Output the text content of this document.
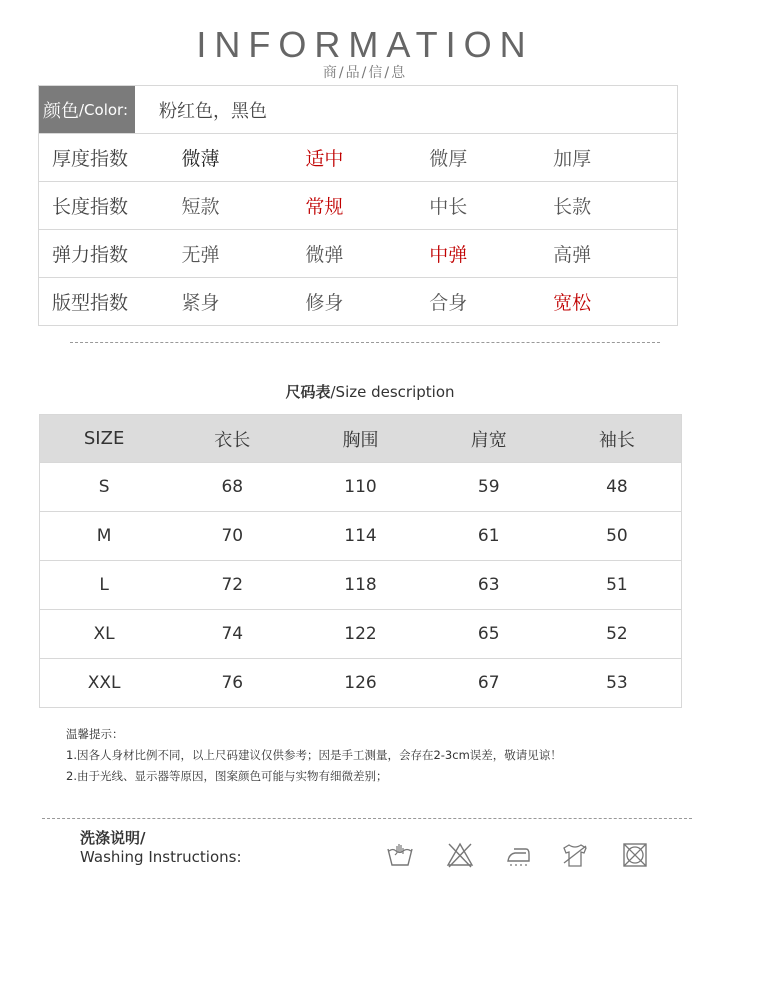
INFORMATION
商/品/信/息
颜色 /Color: 粉红色，黑色
厚度指数	微薄	适中	微厚	加厚
长度指数	短款	常规	中长	长款
弹力指数	无弹	微弹	中弹	高弹
版型指数	紧身	修身	合身	宽松
尺码表/Size description
SIZE	衣长	胸围	肩宽	袖长
S	68	110	59	48
M	70	114	61	50
L	72	118	63	51
XL	74	122	65	52
XXL	76	126	67	53
温馨提示：
1.因各人身材比例不同，以上尺码建议仅供参考；因是手工测量，会存在2-3cm误差，敬请见谅！
2.由于光线、显示器等原因，图案颜色可能与实物有细微差别；
洗涤说明/
Washing Instructions:
